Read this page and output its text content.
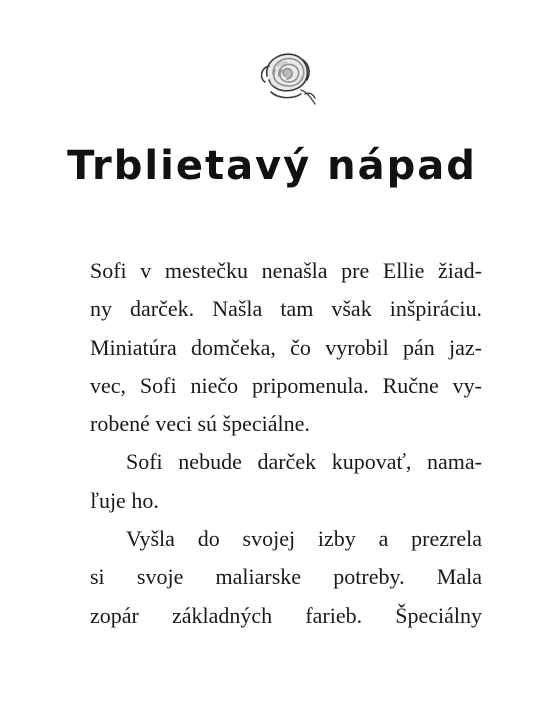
Trblietavý nápad
Sofi v mestečku nenašla pre Ellie žiad-
ny darček. Našla tam však inšpiráciu.
Miniatúra domčeka, čo vyrobil pán jaz-
vec, Sofi niečo pripomenula. Ručne vy-
robené veci sú špeciálne.
Sofi nebude darček kupovať, nama-
ľuje ho.
Vyšla do svojej izby a prezrela
si svoje maliarske potreby. Mala
zopár základných farieb. Špeciálny
